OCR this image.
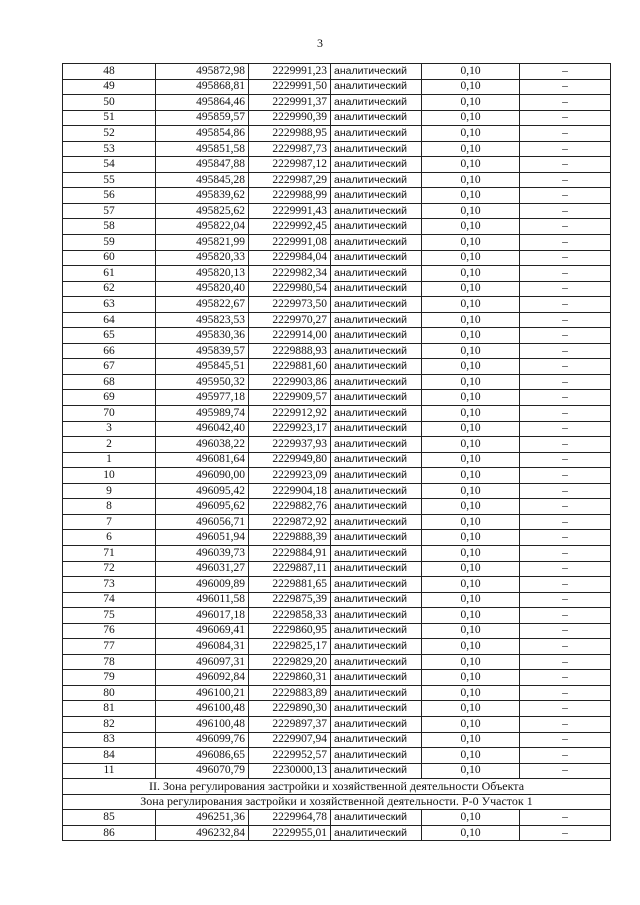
3
48	495872,98	2229991,23	аналитический	0,10	–
49	495868,81	2229991,50	аналитический	0,10	–
50	495864,46	2229991,37	аналитический	0,10	–
51	495859,57	2229990,39	аналитический	0,10	–
52	495854,86	2229988,95	аналитический	0,10	–
53	495851,58	2229987,73	аналитический	0,10	–
54	495847,88	2229987,12	аналитический	0,10	–
55	495845,28	2229987,29	аналитический	0,10	–
56	495839,62	2229988,99	аналитический	0,10	–
57	495825,62	2229991,43	аналитический	0,10	–
58	495822,04	2229992,45	аналитический	0,10	–
59	495821,99	2229991,08	аналитический	0,10	–
60	495820,33	2229984,04	аналитический	0,10	–
61	495820,13	2229982,34	аналитический	0,10	–
62	495820,40	2229980,54	аналитический	0,10	–
63	495822,67	2229973,50	аналитический	0,10	–
64	495823,53	2229970,27	аналитический	0,10	–
65	495830,36	2229914,00	аналитический	0,10	–
66	495839,57	2229888,93	аналитический	0,10	–
67	495845,51	2229881,60	аналитический	0,10	–
68	495950,32	2229903,86	аналитический	0,10	–
69	495977,18	2229909,57	аналитический	0,10	–
70	495989,74	2229912,92	аналитический	0,10	–
3	496042,40	2229923,17	аналитический	0,10	–
2	496038,22	2229937,93	аналитический	0,10	–
1	496081,64	2229949,80	аналитический	0,10	–
10	496090,00	2229923,09	аналитический	0,10	–
9	496095,42	2229904,18	аналитический	0,10	–
8	496095,62	2229882,76	аналитический	0,10	–
7	496056,71	2229872,92	аналитический	0,10	–
6	496051,94	2229888,39	аналитический	0,10	–
71	496039,73	2229884,91	аналитический	0,10	–
72	496031,27	2229887,11	аналитический	0,10	–
73	496009,89	2229881,65	аналитический	0,10	–
74	496011,58	2229875,39	аналитический	0,10	–
75	496017,18	2229858,33	аналитический	0,10	–
76	496069,41	2229860,95	аналитический	0,10	–
77	496084,31	2229825,17	аналитический	0,10	–
78	496097,31	2229829,20	аналитический	0,10	–
79	496092,84	2229860,31	аналитический	0,10	–
80	496100,21	2229883,89	аналитический	0,10	–
81	496100,48	2229890,30	аналитический	0,10	–
82	496100,48	2229897,37	аналитический	0,10	–
83	496099,76	2229907,94	аналитический	0,10	–
84	496086,65	2229952,57	аналитический	0,10	–
11	496070,79	2230000,13	аналитический	0,10	–
II. Зона регулирования застройки и хозяйственной деятельности Объекта					
Зона регулирования застройки и хозяйственной деятельности. Р-0 Участок 1					
85	496251,36	2229964,78	аналитический	0,10	–
86	496232,84	2229955,01	аналитический	0,10	–
